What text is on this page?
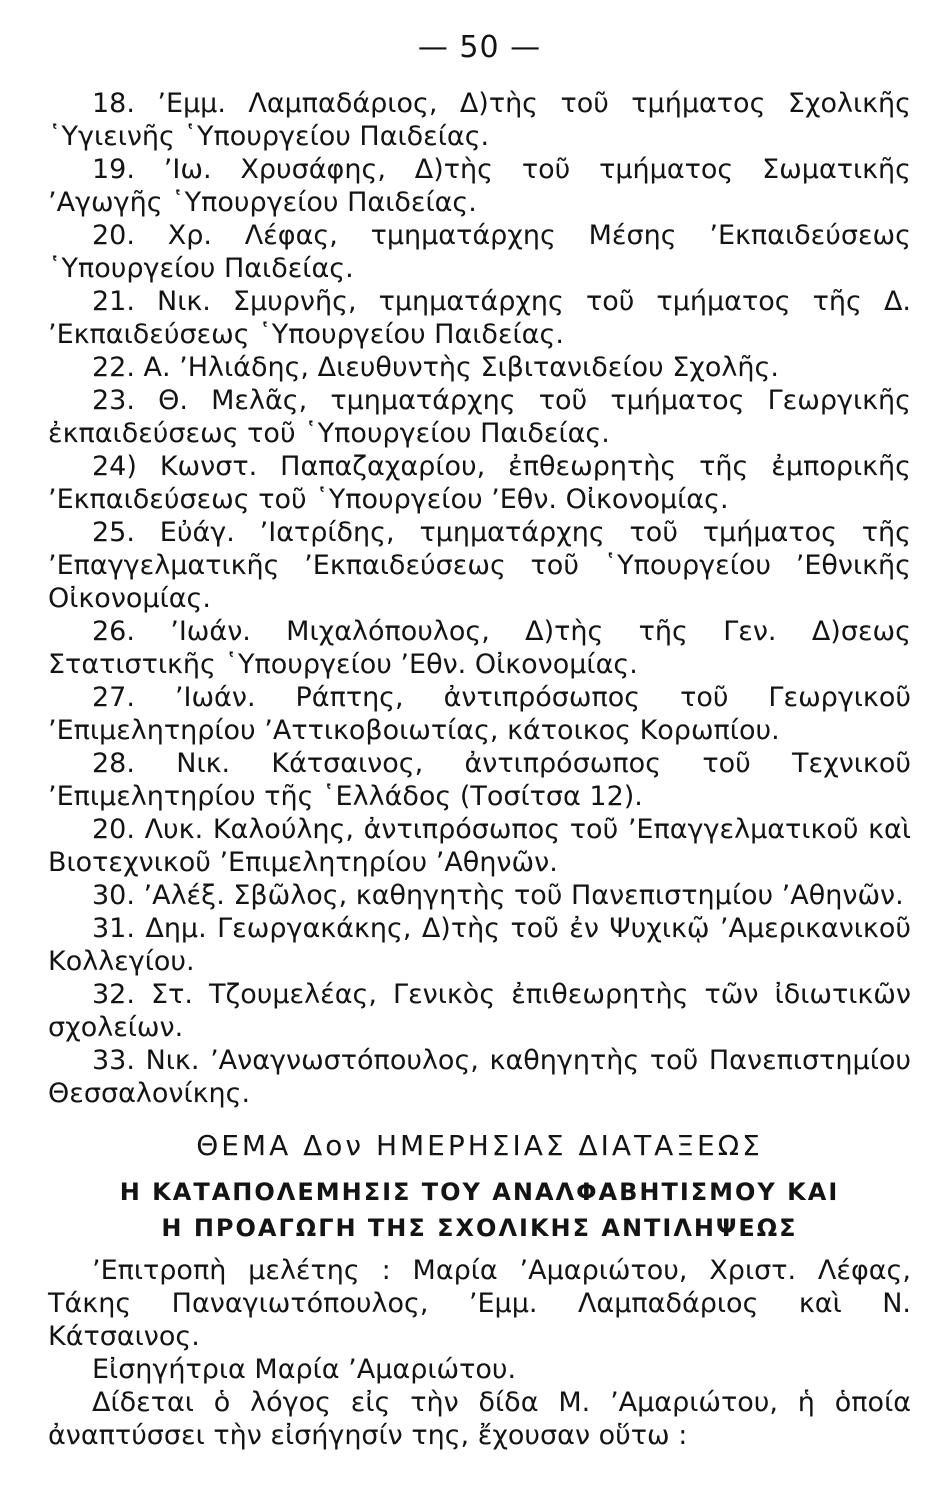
— 50 —

18. ’Εμμ. Λαμπαδάριος, Δ)τὴς τοῦ τμήματος Σχολικῆς ῾Υγιεινῆς ῾Υπουργείου Παιδείας.

19. ’Ιω. Χρυσάφης, Δ)τὴς τοῦ τμήματος Σωματικῆς ’Αγωγῆς ῾Υπουργείου Παιδείας.

20. Χρ. Λέφας, τμηματάρχης Μέσης ’Εκπαιδεύσεως ῾Υπουργείου Παιδείας.

21. Νικ. Σμυρνῆς, τμηματάρχης τοῦ τμήματος τῆς Δ. ’Εκπαιδεύσεως ῾Υπουργείου Παιδείας.

22. Α. ’Ηλιάδης, Διευθυντὴς Σιβιτανιδείου Σχολῆς.

23. Θ. Μελᾶς, τμηματάρχης τοῦ τμήματος Γεωργικῆς ἐκπαιδεύσεως τοῦ ῾Υπουργείου Παιδείας.

24) Κωνστ. Παπαζαχαρίου, ἐπθεωρητὴς τῆς ἐμπορικῆς ’Εκπαιδεύσεως τοῦ ῾Υπουργείου ’Εθν. Οἰκονομίας.

25. Εὐάγ. ’Ιατρίδης, τμηματάρχης τοῦ τμήματος τῆς ’Επαγγελματικῆς ’Εκπαιδεύσεως τοῦ ῾Υπουργείου ’Εθνικῆς Οἰκονομίας.

26. ’Ιωάν. Μιχαλόπουλος, Δ)τὴς τῆς Γεν. Δ)σεως Στατιστικῆς ῾Υπουργείου ’Εθν. Οἰκονομίας.

27. ’Ιωάν. Ράπτης, ἀντιπρόσωπος τοῦ Γεωργικοῦ ’Επιμελητηρίου ’Αττικοβοιωτίας, κάτοικος Κορωπίου.

28. Νικ. Κάτσαινος, ἀντιπρόσωπος τοῦ Τεχνικοῦ ’Επιμελητηρίου τῆς ῾Ελλάδος (Τοσίτσα 12).

20. Λυκ. Καλούλης, ἀντιπρόσωπος τοῦ ’Επαγγελματικοῦ καὶ Βιοτεχνικοῦ ’Επιμελητηρίου ’Αθηνῶν.

30. ’Αλέξ. Σβῶλος, καθηγητὴς τοῦ Πανεπιστημίου ’Αθηνῶν.

31. Δημ. Γεωργακάκης, Δ)τὴς τοῦ ἐν Ψυχικῷ ’Αμερικανικοῦ Κολλεγίου.

32. Στ. Τζουμελέας, Γενικὸς ἐπιθεωρητὴς τῶν ἰδιωτικῶν σχολείων.

33. Νικ. ’Αναγνωστόπουλος, καθηγητὴς τοῦ Πανεπιστημίου Θεσσαλονίκης.

ΘΕΜΑ Δον ΗΜΕΡΗΣΙΑΣ ΔΙΑΤΑΞΕΩΣ

Η ΚΑΤΑΠΟΛΕΜΗΣΙΣ ΤΟΥ ΑΝΑΛΦΑΒΗΤΙΣΜΟΥ ΚΑΙ

Η ΠΡΟΑΓΩΓΗ ΤΗΣ ΣΧΟΛΙΚΗΣ ΑΝΤΙΛΗΨΕΩΣ

’Επιτροπὴ μελέτης : Μαρία ’Αμαριώτου, Χριστ. Λέφας, Τάκης Παναγιωτόπουλος, ’Εμμ. Λαμπαδάριος καὶ Ν. Κάτσαινος.

Εἰσηγήτρια Μαρία ’Αμαριώτου.

Δίδεται ὁ λόγος εἰς τὴν δίδα Μ. ’Αμαριώτου, ἡ ὁποία ἀναπτύσσει τὴν εἰσήγησίν της, ἔχουσαν οὕτω :
